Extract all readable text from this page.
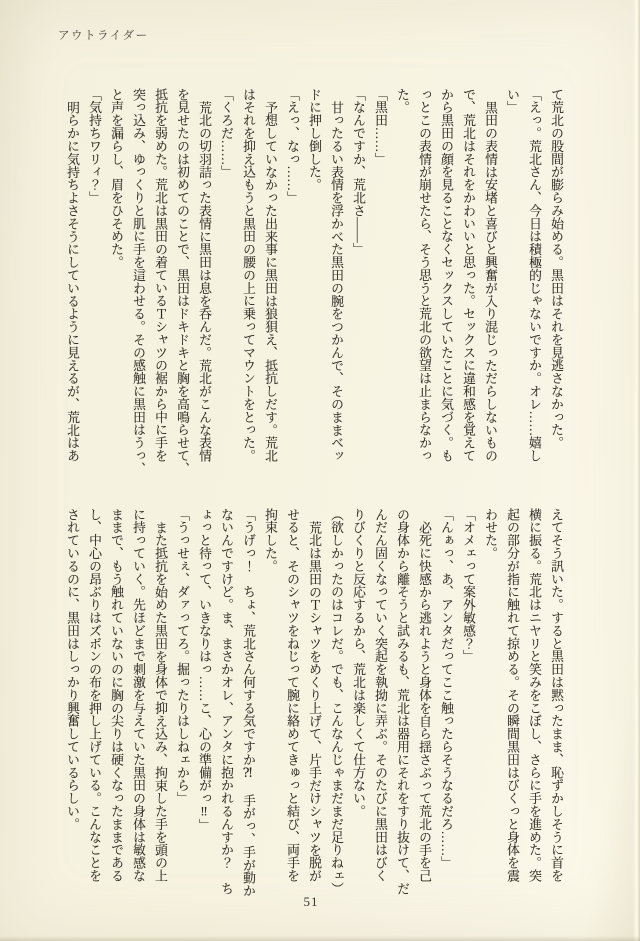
アウトライダー

て荒北の股間が膨らみ始める。黒田はそれを見逃さなかった。

「えっ。荒北さん、今日は積極的じゃないですか。オレ……嬉し

い」

黒田の表情は安堵と喜びと興奮が入り混じっただらしないもの

で、荒北はそれをかわいいと思った。セックスに違和感を覚えて

から黒田の顔を見ることなくセックスしていたことに気づく。も

っとこの表情が崩せたら、そう思うと荒北の欲望は止まらなかっ

た。

「黒田……」

「なんですか、荒北さ――」

甘ったるい表情を浮かべた黒田の腕をつかんで、そのままベッ

ドに押し倒した。

「えっ、なっ……」

予想していなかった出来事に黒田は狼狽え、抵抗しだす。荒北

はそれを抑え込もうと黒田の腰の上に乗ってマウントをとった。

「くろだ……」

荒北の切羽詰った表情に黒田は息を呑んだ。荒北がこんな表情

を見せたのは初めてのことで、黒田はドキドキと胸を高鳴らせて、

抵抗を弱めた。荒北は黒田の着ているＴシャツの裾から中に手を

突っ込み、ゆっくりと肌に手を這わせる。その感触に黒田はうっ、

と声を漏らし、眉をひそめた。

「気持ちワリィ？」

明らかに気持ちよさそうにしているように見えるが、荒北はあ

えてそう訊いた。すると黒田は黙ったまま、恥ずかしそうに首を

横に振る。荒北はニヤリと笑みをこぼし、さらに手を進めた。突

起の部分が指に触れて掠める。その瞬間黒田はびくっと身体を震

わせた。

「オメェって案外敏感？」

「んぁっ、あ、アンタだってここ触ったらそうなるだろ……」

必死に快感から逃れようと身体を自ら揺さぶって荒北の手を己

の身体から離そうと試みるも、荒北は器用にそれをすり抜けて、だ

んだん固くなっていく突起を執拗に弄ぶ。そのたびに黒田はびく

りびくりと反応するから、荒北は楽しくて仕方ない。

（欲しかったのはコレだ。でも、こんなんじゃまだまだ足りねェ）

荒北は黒田のＴシャツをめくり上げて、片手だけシャツを脱が

せると、そのシャツをねじって腕に絡めてきゅっと結び、両手を

拘束した。

「うげっ！　ちょ、荒北さん何する気ですか⁈　手がっ、手が動か

ないんですけど。ま、まさかオレ、アンタに抱かれるんすか？　ち

ょっと待って、いきなりはっ……こ、心の準備がっ‼」

「うっせぇ、ダァってろ。掘ったりはしねェから」

また抵抗を始めた黒田を身体で抑え込み、拘束した手を頭の上

に持っていく。先ほどまで刺激を与えていた黒田の身体は敏感な

ままで、もう触れていないのに胸の尖りは硬くなったままである

し、中心の昂ぶりはズボンの布を押し上げている。こんなことを

されているのに、黒田はしっかり興奮しているらしい。

51
